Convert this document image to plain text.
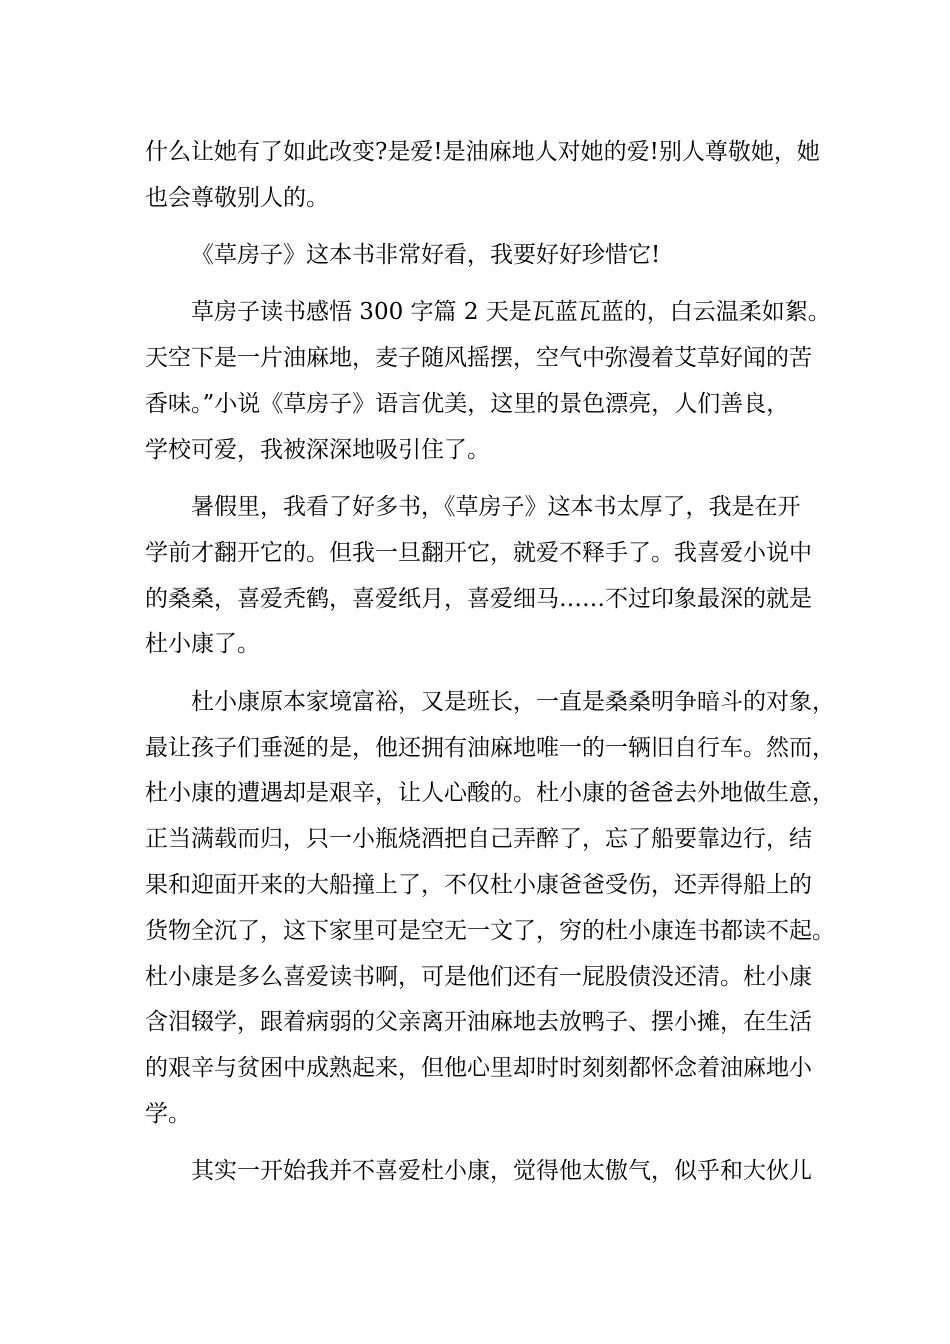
什么让她有了如此改变?是爱!是油麻地人对她的爱!别人尊敬她，她
也会尊敬别人的。

《草房子》这本书非常好看，我要好好珍惜它!

草房子读书感悟 300 字篇 2 天是瓦蓝瓦蓝的，白云温柔如絮。
天空下是一片油麻地，麦子随风摇摆，空气中弥漫着艾草好闻的苦
香味。”小说《草房子》语言优美，这里的景色漂亮，人们善良，
学校可爱，我被深深地吸引住了。

暑假里，我看了好多书，《草房子》这本书太厚了，我是在开
学前才翻开它的。但我一旦翻开它，就爱不释手了。我喜爱小说中
的桑桑，喜爱秃鹤，喜爱纸月，喜爱细马……不过印象最深的就是
杜小康了。

杜小康原本家境富裕，又是班长，一直是桑桑明争暗斗的对象，
最让孩子们垂涎的是，他还拥有油麻地唯一的一辆旧自行车。然而，
杜小康的遭遇却是艰辛，让人心酸的。杜小康的爸爸去外地做生意，
正当满载而归，只一小瓶烧酒把自己弄醉了，忘了船要靠边行，结
果和迎面开来的大船撞上了，不仅杜小康爸爸受伤，还弄得船上的
货物全沉了，这下家里可是空无一文了，穷的杜小康连书都读不起。
杜小康是多么喜爱读书啊，可是他们还有一屁股债没还清。杜小康
含泪辍学，跟着病弱的父亲离开油麻地去放鸭子、摆小摊，在生活
的艰辛与贫困中成熟起来，但他心里却时时刻刻都怀念着油麻地小
学。

其实一开始我并不喜爱杜小康，觉得他太傲气，似乎和大伙儿
